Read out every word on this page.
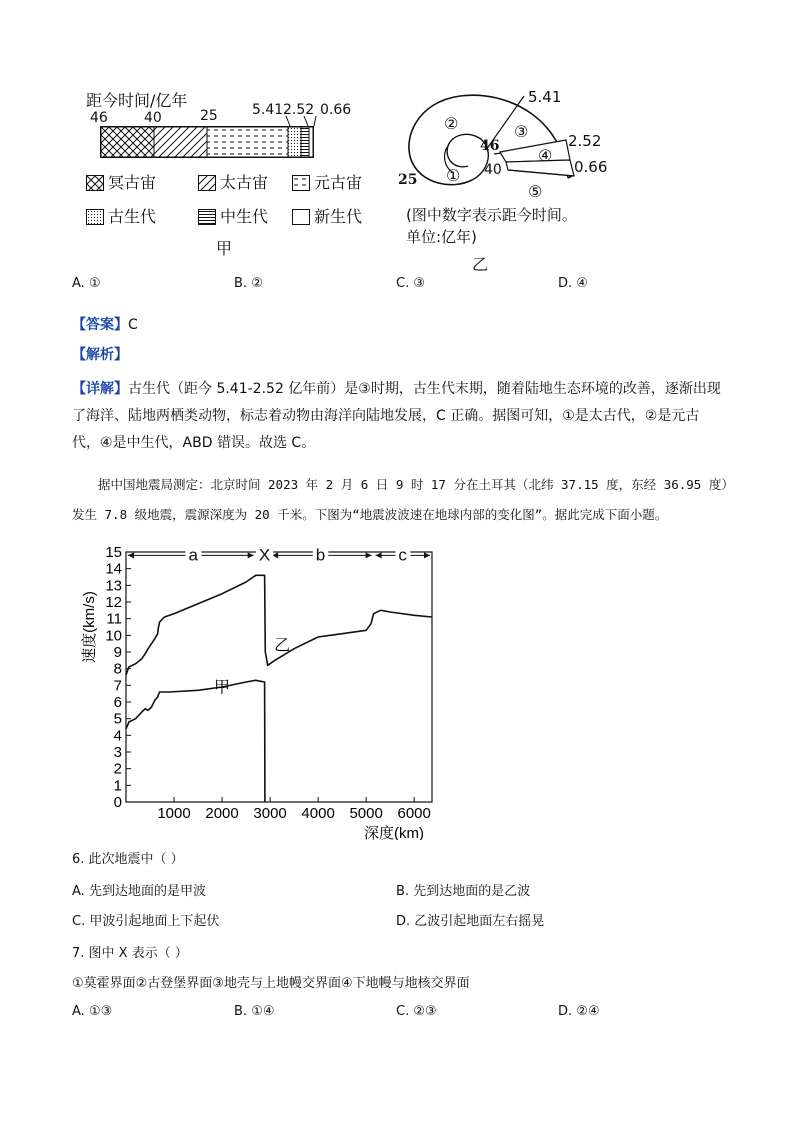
距今时间/亿年
46	40	25 5.41 2.52 0.66
冥古宙	太古宙	元古宙
古生代	中生代	新生代
甲
5.41
2.52
0.66
46
40
25 ①
②	③
④
⑤
(图中数字表示距今时间。
单位:亿年)
乙
A. ①	B. ②	C. ③	D. ④
【答案】C
【解析】
【详解】古生代（距今 5.41-2.52 亿年前）是③时期，古生代末期，随着陆地生态环境的改善，逐渐出现
了海洋、陆地两栖类动物，标志着动物由海洋向陆地发展，C 正确。据图可知，①是太古代，②是元古
代，④是中生代，ABD 错误。故选 C。
据中国地震局测定：北京时间 2023 年 2 月 6 日 9 时 17 分在土耳其（北纬 37.15 度，东经 36.95 度）
发生 7.8 级地震，震源深度为 20 千米。下图为“地震波波速在地球内部的变化图”。据此完成下面小题。
0
1
2
3
4
5
6
7
8
9
10
11
12
13
14
15
1000 2000 3000 4000 5000 6000
深度(km)
速度(km/s)
a	X	b	c
甲
乙
6. 此次地震中（ ）
A. 先到达地面的是甲波	B. 先到达地面的是乙波
C. 甲波引起地面上下起伏	D. 乙波引起地面左右摇晃
7. 图中 X 表示（ ）
①莫霍界面②古登堡界面③地壳与上地幔交界面④下地幔与地核交界面
A. ①③	B. ①④	C. ②③	D. ②④
